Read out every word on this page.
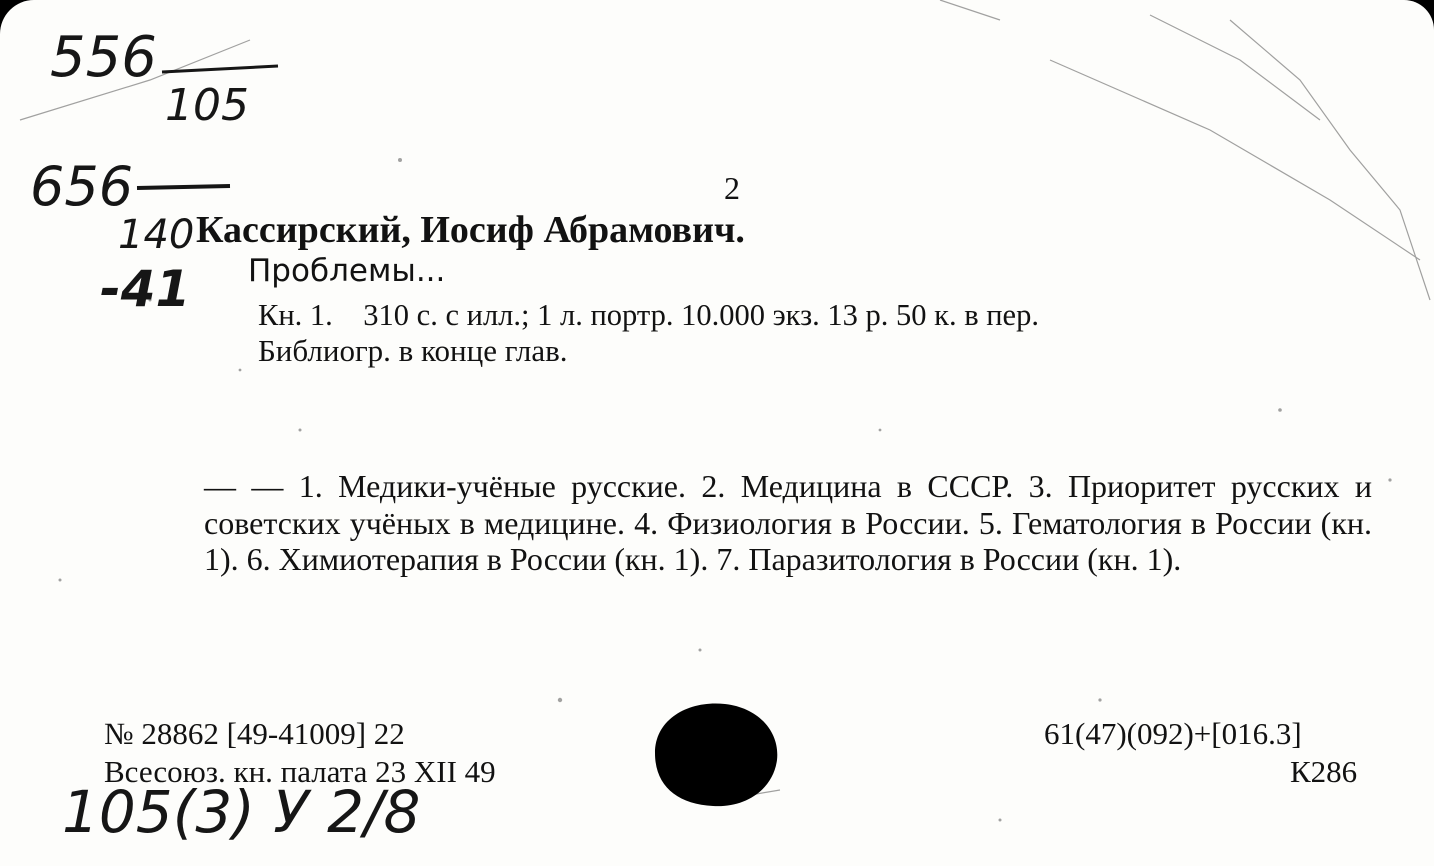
556
105
656
140
-41
2
Кассирский, Иосиф Абрамович.
Проблемы...
Кн. 1.    310 с. с илл.; 1 л. портр. 10.000 экз. 13 р. 50 к. в пер.
Библиогр. в конце глав.
— — 1. Медики-учёные русские. 2. Медицина в СССР. 3. Приоритет русских и советских учёных в медицине. 4. Физиология в России. 5. Гематология в России (кн. 1). 6. Химиотерапия в России (кн. 1). 7. Паразитология в России (кн. 1).
№ 28862 [49-41009] 22
Всесоюз. кн. палата 23 XII 49
61(47)(092)+[016.3]
К286
105(3) У 2/8
